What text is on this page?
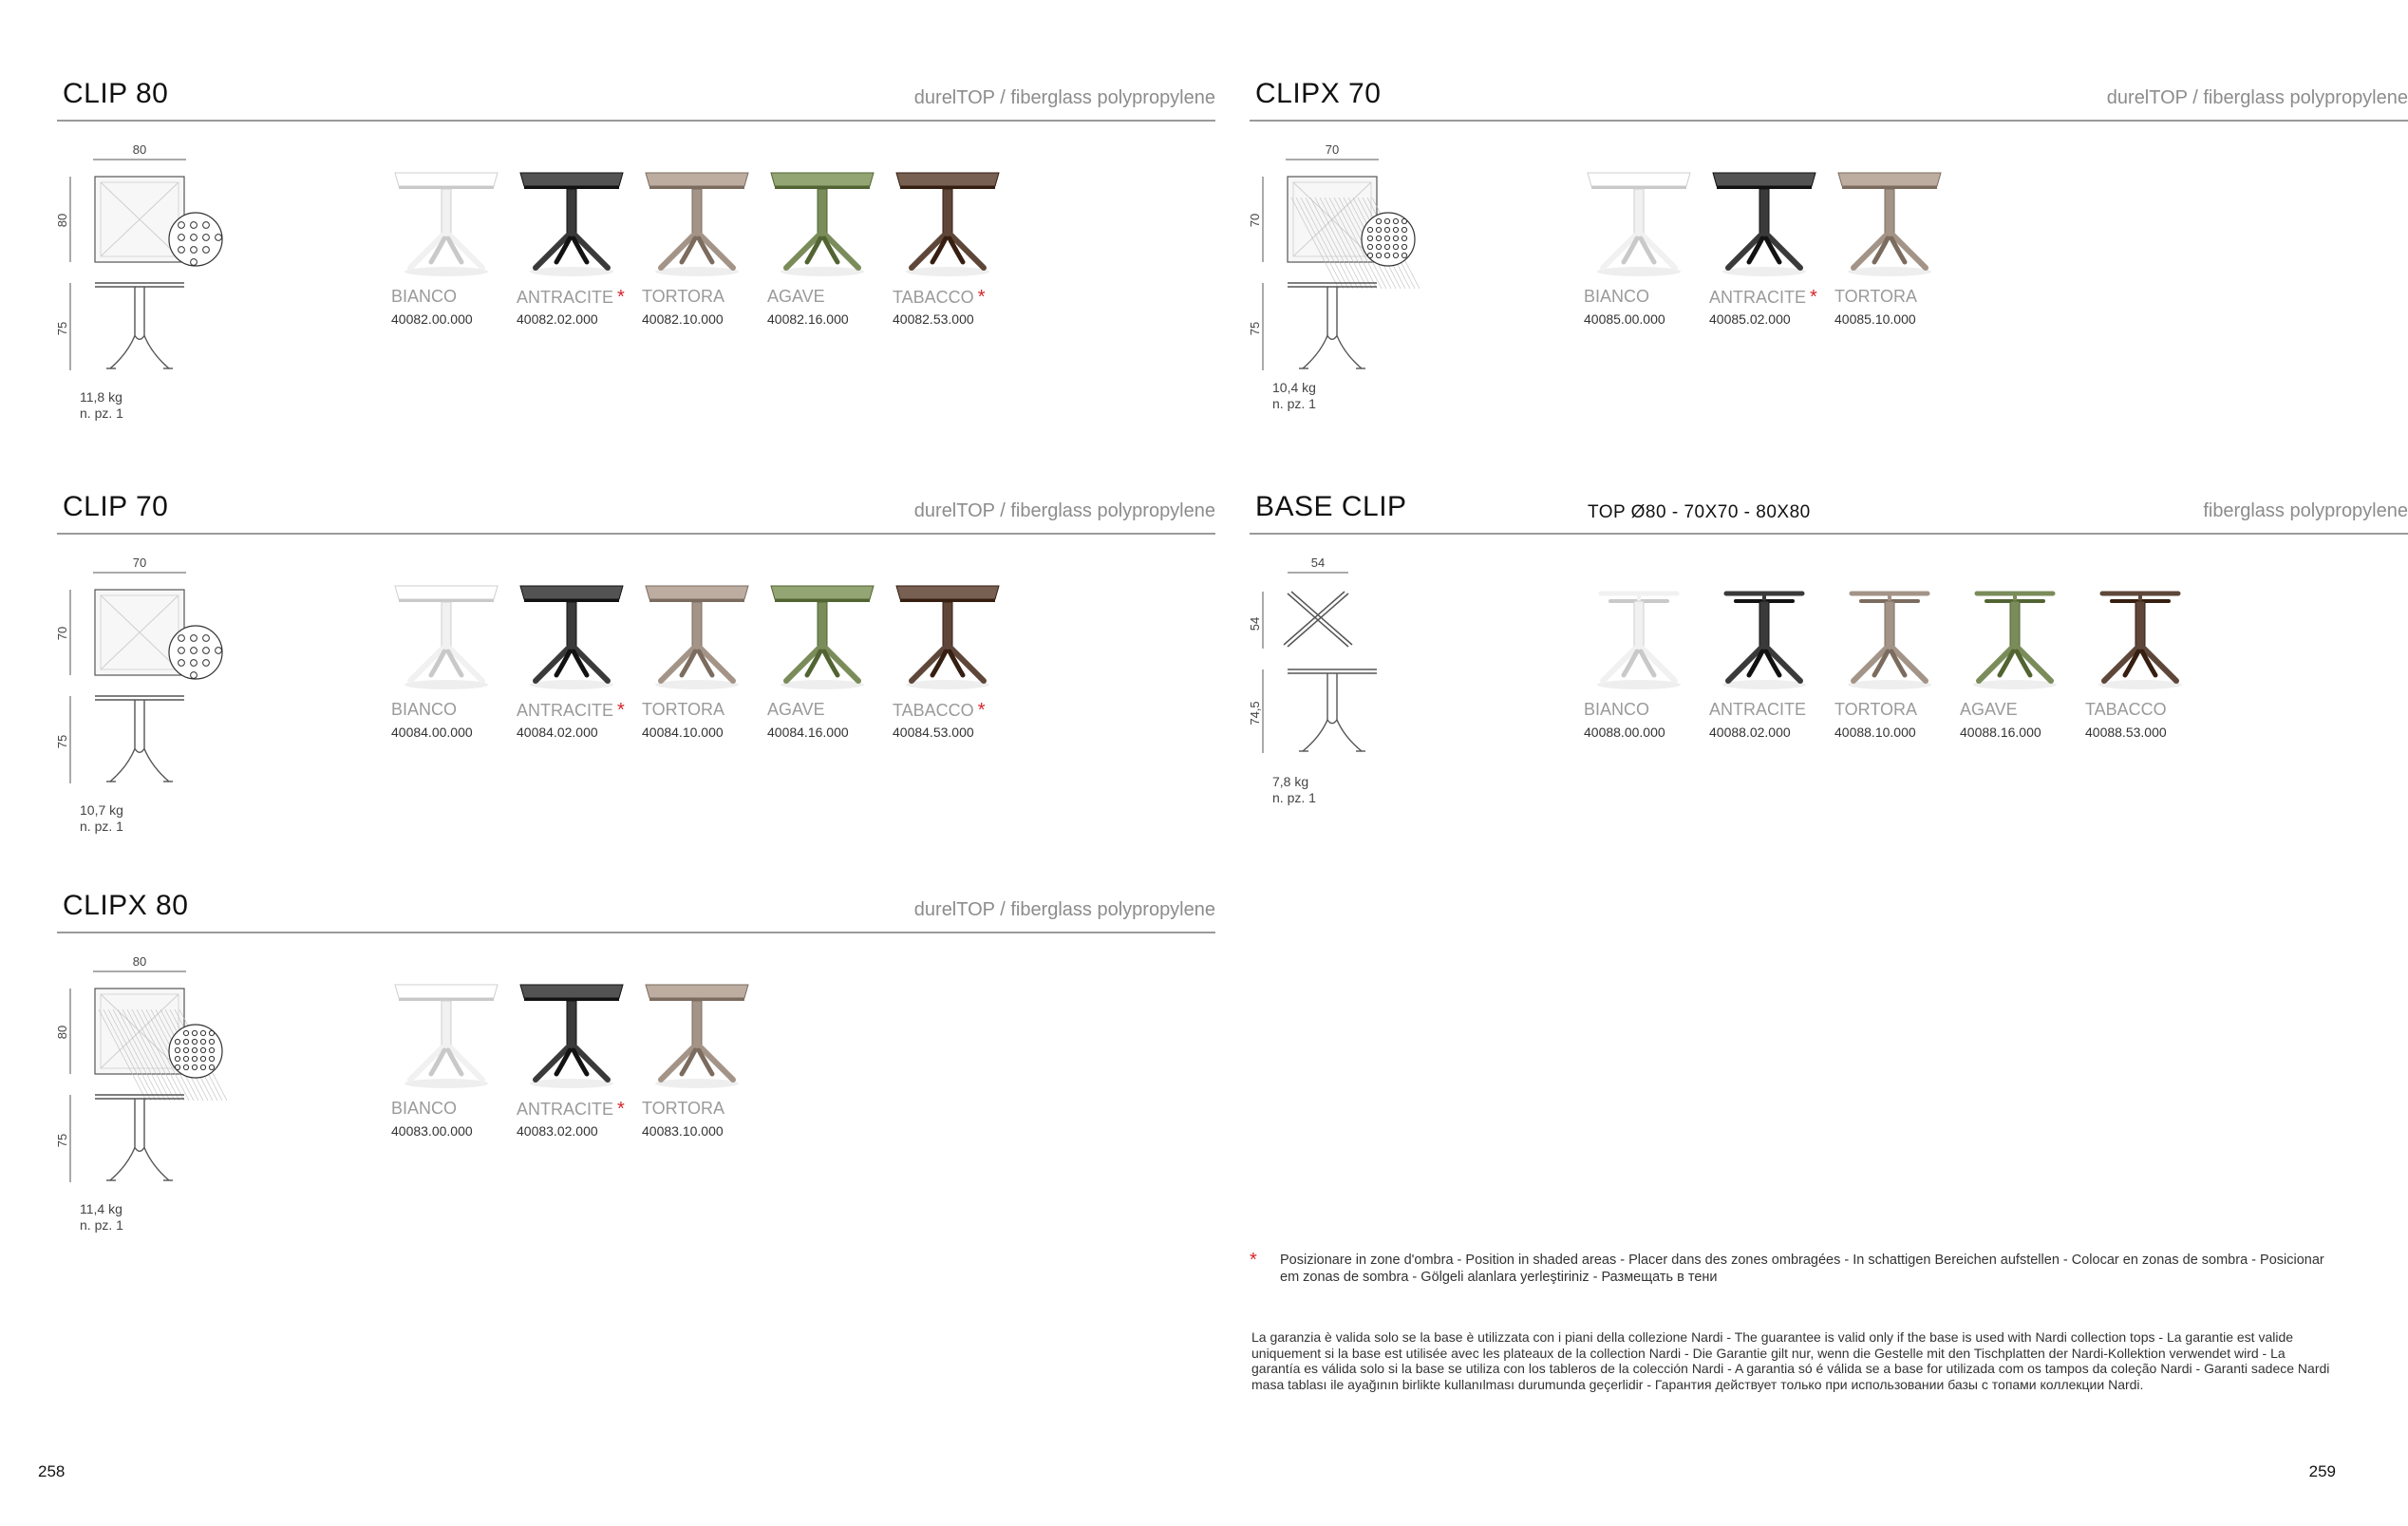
CLIP 80	durelTOP / fiberglass polypropylene
80
80
75
11,8 kg
n. pz. 1
BIANCO
40082.00.000
ANTRACITE *
40082.02.000
TORTORA
40082.10.000
AGAVE
40082.16.000
TABACCO *
40082.53.000
CLIP 70	durelTOP / fiberglass polypropylene
70
70
75
10,7 kg
n. pz. 1
BIANCO
40084.00.000
ANTRACITE *
40084.02.000
TORTORA
40084.10.000
AGAVE
40084.16.000
TABACCO *
40084.53.000
CLIPX 80	durelTOP / fiberglass polypropylene
80
80
75
11,4 kg
n. pz. 1
BIANCO
40083.00.000
ANTRACITE *
40083.02.000
TORTORA
40083.10.000
CLIPX 70	durelTOP / fiberglass polypropylene
70
70
75
10,4 kg
n. pz. 1
BIANCO
40085.00.000
ANTRACITE *
40085.02.000
TORTORA
40085.10.000
BASE CLIP	TOP Ø80 - 70X70 - 80X80	fiberglass polypropylene
54
54
74,5
7,8 kg
n. pz. 1
BIANCO
40088.00.000
ANTRACITE
40088.02.000
TORTORA
40088.10.000
AGAVE
40088.16.000
TABACCO
40088.53.000
* Posizionare in zone d'ombra - Position in shaded areas - Placer dans des zones ombragées - In schattigen Bereichen aufstellen - Colocar en zonas de sombra - Posicionar em zonas de sombra - Gölgeli alanlara yerleştiriniz - Размещать в тени
La garanzia è valida solo se la base è utilizzata con i piani della collezione Nardi - The guarantee is valid only if the base is used with Nardi collection tops - La garantie est valide uniquement si la base est utilisée avec les plateaux de la collection Nardi - Die Garantie gilt nur, wenn die Gestelle mit den Tischplatten der Nardi-Kollektion verwendet wird - La garantía es válida solo si la base se utiliza con los tableros de la colección Nardi - A garantia só é válida se a base for utilizada com os tampos da coleção Nardi - Garanti sadece Nardi masa tablası ile ayağının birlikte kullanılması durumunda geçerlidir - Гарантия действует только при использовании базы с топами коллекции Nardi.
258	259
